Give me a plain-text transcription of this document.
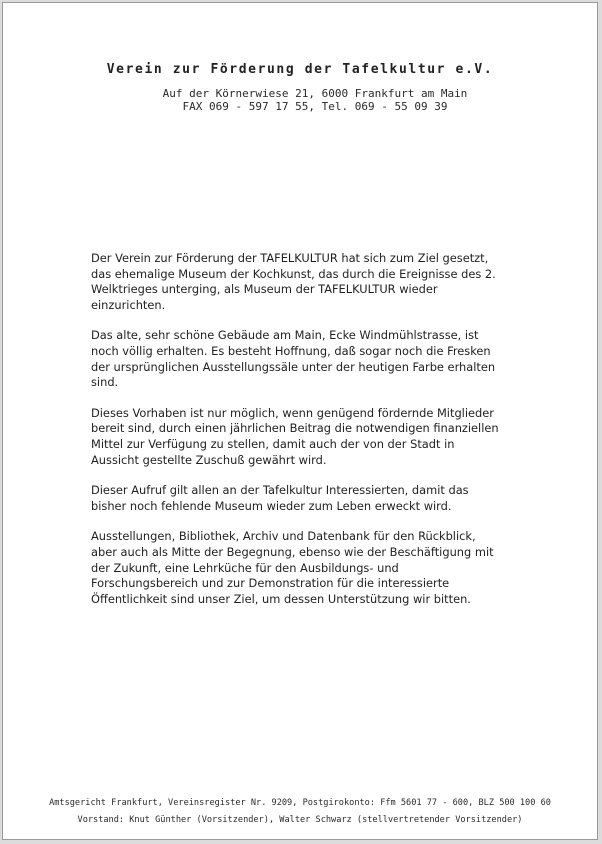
Verein zur Förderung der Tafelkultur e.V.
Auf der Körnerwiese 21, 6000 Frankfurt am Main
FAX 069 - 597 17 55, Tel. 069 - 55 09 39

Der Verein zur Förderung der TAFELKULTUR hat sich zum Ziel gesetzt, das ehemalige Museum der Kochkunst, das durch die Ereignisse des 2. Welktrieges unterging, als Museum der TAFELKULTUR wieder einzurichten.

Das alte, sehr schöne Gebäude am Main, Ecke Windmühlstrasse, ist noch völlig erhalten. Es besteht Hoffnung, daß sogar noch die Fresken der ursprünglichen Ausstellungssäle unter der heutigen Farbe erhalten sind.

Dieses Vorhaben ist nur möglich, wenn genügend fördernde Mitglieder bereit sind, durch einen jährlichen Beitrag die notwendigen finanziellen Mittel zur Verfügung zu stellen, damit auch der von der Stadt in Aussicht gestellte Zuschuß gewährt wird.

Dieser Aufruf gilt allen an der Tafelkultur Interessierten, damit das bisher noch fehlende Museum wieder zum Leben erweckt wird.

Ausstellungen, Bibliothek, Archiv und Datenbank für den Rückblick, aber auch als Mitte der Begegnung, ebenso wie der Beschäftigung mit der Zukunft, eine Lehrküche für den Ausbildungs- und Forschungsbereich und zur Demonstration für die interessierte Öffentlichkeit sind unser Ziel, um dessen Unterstützung wir bitten.

Amtsgericht Frankfurt, Vereinsregister Nr. 9209, Postgirokonto: Ffm 5601 77 - 600, BLZ 500 100 60
Vorstand: Knut Günther (Vorsitzender), Walter Schwarz (stellvertretender Vorsitzender)
